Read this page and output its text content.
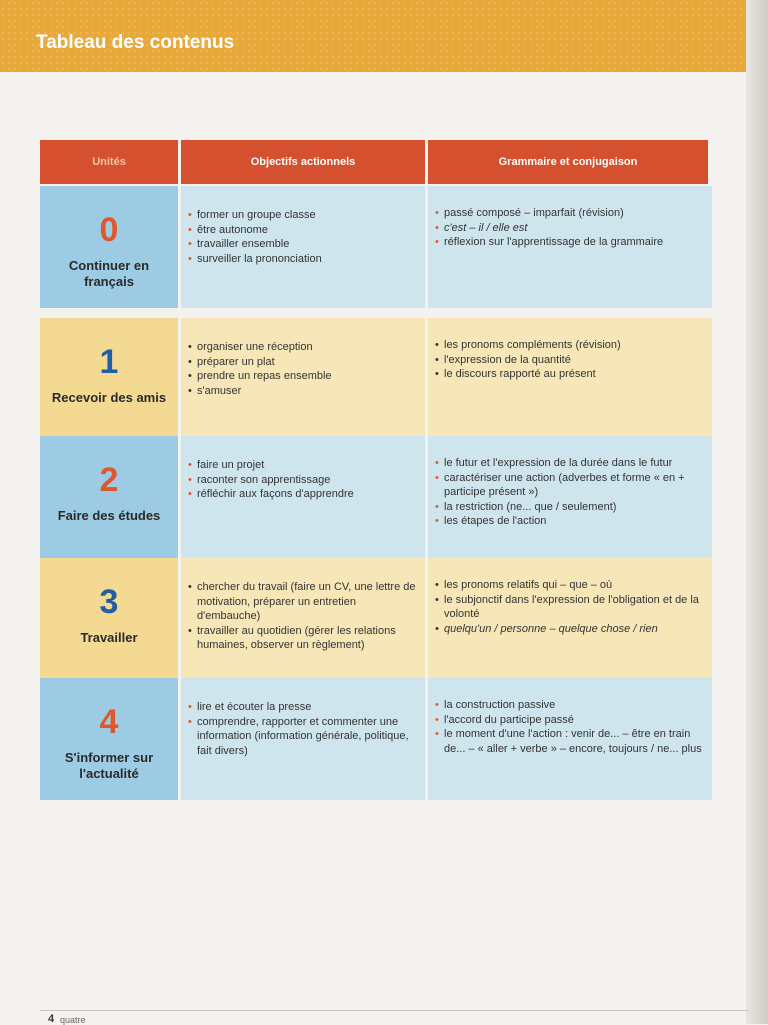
Tableau des contenus
Unités	Objectifs actionnels	Grammaire et conjugaison
0
Continuer en français
• former un groupe classe
• être autonome
• travailler ensemble
• surveiller la prononciation
• passé composé – imparfait (révision)
• c'est – il / elle est
• réflexion sur l'apprentissage de la grammaire
1
Recevoir des amis
• organiser une réception
• préparer un plat
• prendre un repas ensemble
• s'amuser
• les pronoms compléments (révision)
• l'expression de la quantité
• le discours rapporté au présent
2
Faire des études
• faire un projet
• raconter son apprentissage
• réfléchir aux façons d'apprendre
• le futur et l'expression de la durée dans le futur
• caractériser une action (adverbes et forme « en + participe présent »)
• la restriction (ne... que / seulement)
• les étapes de l'action
3
Travailler
• chercher du travail (faire un CV, une lettre de motivation, préparer un entretien d'embauche)
• travailler au quotidien (gérer les relations humaines, observer un règlement)
• les pronoms relatifs qui – que – où
• le subjonctif dans l'expression de l'obligation et de la volonté
• quelqu'un / personne – quelque chose / rien
4
S'informer sur l'actualité
• lire et écouter la presse
• comprendre, rapporter et commenter une information (information générale, politique, fait divers)
• la construction passive
• l'accord du participe passé
• le moment d'une l'action : venir de... – être en train de... – « aller + verbe » – encore, toujours / ne... plus
4 quatre
